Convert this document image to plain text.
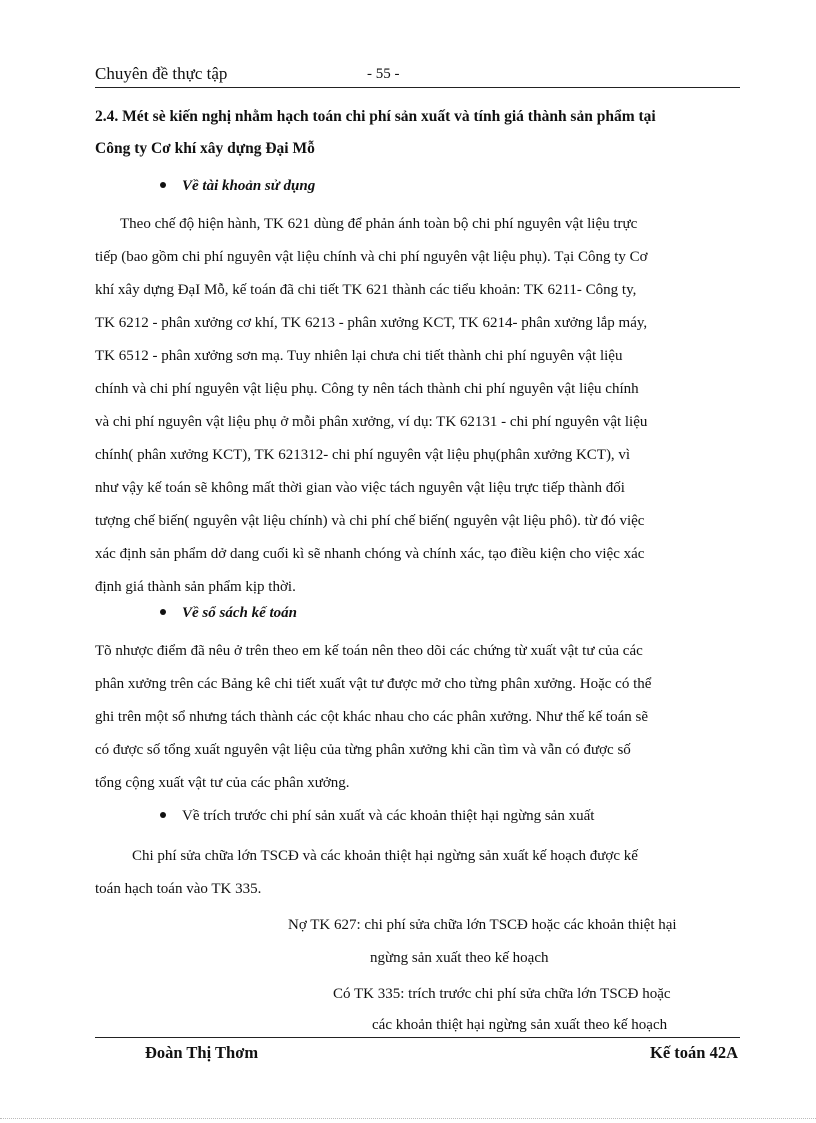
Chuyên đề thực tập	- 55 -
2.4. Mét sè kiến nghị nhằm hạch toán chi phí sản xuất và tính giá thành sản phẩm tại
Công ty Cơ khí xây dựng Đại Mỗ
Về tài khoản sử dụng
Theo chế độ hiện hành, TK 621 dùng để phản ánh toàn bộ chi phí nguyên vật liệu trực
tiếp (bao gồm chi phí nguyên vật liệu chính và chi phí nguyên vật liệu phụ). Tại Công ty Cơ
khí xây dựng ĐạI Mỗ, kế toán đã chi tiết TK 621 thành các tiểu khoản: TK 6211- Công ty,
TK 6212 - phân xưởng cơ khí, TK 6213 - phân xưởng KCT, TK 6214- phân xưởng lắp máy,
TK 6512 - phân xưởng sơn mạ. Tuy nhiên lại chưa chi tiết thành chi phí nguyên vật liệu
chính và chi phí nguyên vật liệu phụ. Công ty nên tách thành chi phí nguyên vật liệu chính
và chi phí nguyên vật liệu phụ ở mỗi phân xưởng, ví dụ: TK 62131 - chi phí nguyên vật liệu
chính( phân xưởng KCT), TK 621312- chi phí nguyên vật liệu phụ(phân xưởng KCT), vì
như vậy kế toán sẽ không mất thời gian vào việc tách nguyên vật liệu trực tiếp thành đối
tượng chế biến( nguyên vật liệu chính) và chi phí chế biến( nguyên vật liệu phô). từ đó việc
xác định sản phẩm dở dang cuối kì sẽ nhanh chóng và chính xác, tạo điều kiện cho việc xác
định giá thành sản phẩm kịp thời.
Về sổ sách kế toán
Tõ nhược điểm đã nêu ở trên theo em kế toán nên theo dõi các chứng từ xuất vật tư của các
phân xưởng trên các Bảng kê chi tiết xuất vật tư được mở cho từng phân xưởng. Hoặc có thể
ghi trên một sổ nhưng tách thành các cột khác nhau cho các phân xưởng. Như thế kế toán sẽ
có được số tổng xuất nguyên vật liệu của từng phân xưởng khi cần tìm và vẫn có được số
tổng cộng xuất vật tư của các phân xưởng.
Về trích trước chi phí sản xuất và các khoản thiệt hại ngừng sản xuất
Chi phí sửa chữa lớn TSCĐ và các khoản thiệt hại ngừng sản xuất kế hoạch được kế
toán hạch toán vào TK 335.
Nợ TK 627: chi phí sửa chữa lớn TSCĐ hoặc các khoản thiệt hại
ngừng sản xuất theo kế hoạch
Có TK 335: trích trước chi phí sửa chữa lớn TSCĐ hoặc
các khoản thiệt hại ngừng sản xuất theo kế hoạch
Đoàn Thị Thơm	Kế toán 42A
